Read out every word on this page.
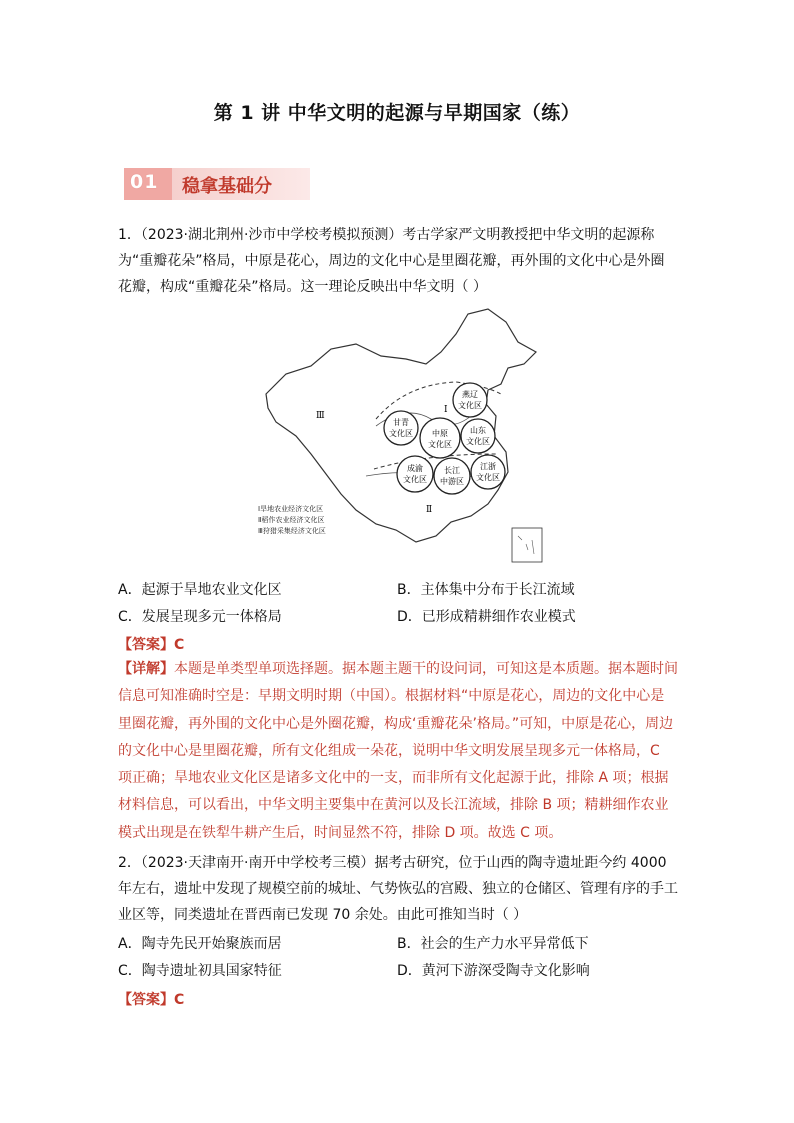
第 1 讲 中华文明的起源与早期国家（练）
01 稳拿基础分

1．（2023·湖北荆州·沙市中学校考模拟预测）考古学家严文明教授把中华文明的起源称为“重瓣花朵”格局，中原是花心，周边的文化中心是里圈花瓣，再外围的文化中心是外圈花瓣，构成“重瓣花朵”格局。这一理论反映出中华文明（ ）

甘青
文化区 中原
文化区
燕辽
文化区
山东
文化区
成渝
文化区
长江
中游区
江浙
文化区
Ⅰ
Ⅱ
Ⅲ
Ⅰ旱地农业经济文化区
Ⅱ稻作农业经济文化区
Ⅲ狩猎采集经济文化区
A．起源于旱地农业文化区	B．主体集中分布于长江流域
C．发展呈现多元一体格局	D．已形成精耕细作农业模式
【答案】C

【详解】本题是单类型单项选择题。据本题主题干的设问词，可知这是本质题。据本题时间信息可知准确时空是：早期文明时期（中国）。根据材料“中原是花心，周边的文化中心是里圈花瓣，再外围的文化中心是外圈花瓣，构成‘重瓣花朵’格局。”可知，中原是花心，周边的文化中心是里圈花瓣，所有文化组成一朵花，说明中华文明发展呈现多元一体格局，C 项正确；旱地农业文化区是诸多文化中的一支，而非所有文化起源于此，排除 A 项；根据材料信息，可以看出，中华文明主要集中在黄河以及长江流域，排除 B 项；精耕细作农业模式出现是在铁犁牛耕产生后，时间显然不符，排除 D 项。故选 C 项。

2．（2023·天津南开·南开中学校考三模）据考古研究，位于山西的陶寺遗址距今约 4000 年左右，遗址中发现了规模空前的城址、气势恢弘的宫殿、独立的仓储区、管理有序的手工业区等，同类遗址在晋西南已发现 70 余处。由此可推知当时（ ）

A．陶寺先民开始聚族而居	B．社会的生产力水平异常低下
C．陶寺遗址初具国家特征	D．黄河下游深受陶寺文化影响
【答案】C
